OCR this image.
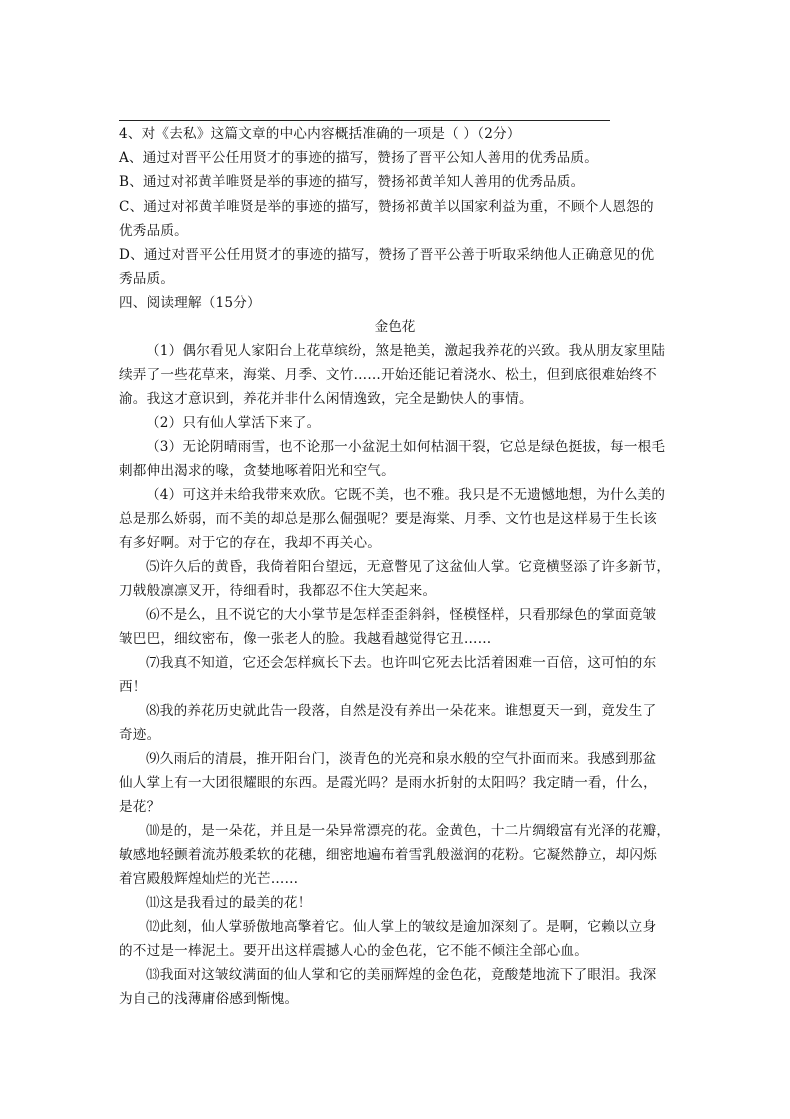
4、对《去私》这篇文章的中心内容概括准确的一项是（ ）（2分）
A、通过对晋平公任用贤才的事迹的描写，赞扬了晋平公知人善用的优秀品质。
B、通过对祁黄羊唯贤是举的事迹的描写，赞扬祁黄羊知人善用的优秀品质。
C、通过对祁黄羊唯贤是举的事迹的描写，赞扬祁黄羊以国家利益为重，不顾个人恩怨的
优秀品质。
D、通过对晋平公任用贤才的事迹的描写，赞扬了晋平公善于听取采纳他人正确意见的优
秀品质。
四、阅读理解（15分）
金色花
（1）偶尔看见人家阳台上花草缤纷，煞是艳美，激起我养花的兴致。我从朋友家里陆
续弄了一些花草来，海棠、月季、文竹……开始还能记着浇水、松土，但到底很难始终不
渝。我这才意识到，养花并非什么闲情逸致，完全是勤快人的事情。
（2）只有仙人掌活下来了。
（3）无论阴晴雨雪，也不论那一小盆泥土如何枯涸干裂，它总是绿色挺拔，每一根毛
刺都伸出渴求的喙，贪婪地啄着阳光和空气。
（4）可这并未给我带来欢欣。它既不美，也不雅。我只是不无遗憾地想，为什么美的
总是那么娇弱，而不美的却总是那么倔强呢？要是海棠、月季、文竹也是这样易于生长该
有多好啊。对于它的存在，我却不再关心。
⑸许久后的黄昏，我倚着阳台望远，无意瞥见了这盆仙人掌。它竟横竖添了许多新节，
刀戟般凛凛叉开，待细看时，我都忍不住大笑起来。
⑹不是么，且不说它的大小掌节是怎样歪歪斜斜，怪模怪样，只看那绿色的掌面竟皱
皱巴巴，细纹密布，像一张老人的脸。我越看越觉得它丑……
⑺我真不知道，它还会怎样疯长下去。也许叫它死去比活着困难一百倍，这可怕的东
西！
⑻我的养花历史就此告一段落，自然是没有养出一朵花来。谁想夏天一到，竟发生了
奇迹。
⑼久雨后的清晨，推开阳台门，淡青色的光亮和泉水般的空气扑面而来。我感到那盆
仙人掌上有一大团很耀眼的东西。是霞光吗？是雨水折射的太阳吗？我定睛一看，什么，
是花？
⑽是的，是一朵花，并且是一朵异常漂亮的花。金黄色，十二片绸缎富有光泽的花瓣，
敏感地轻颤着流苏般柔软的花穗，细密地遍布着雪乳般滋润的花粉。它凝然静立，却闪烁
着宫殿般辉煌灿烂的光芒……
⑾这是我看过的最美的花！
⑿此刻，仙人掌骄傲地高擎着它。仙人掌上的皱纹是逾加深刻了。是啊，它赖以立身
的不过是一棒泥土。要开出这样震撼人心的金色花，它不能不倾注全部心血。
⒀我面对这皱纹满面的仙人掌和它的美丽辉煌的金色花，竟酸楚地流下了眼泪。我深
为自己的浅薄庸俗感到惭愧。
